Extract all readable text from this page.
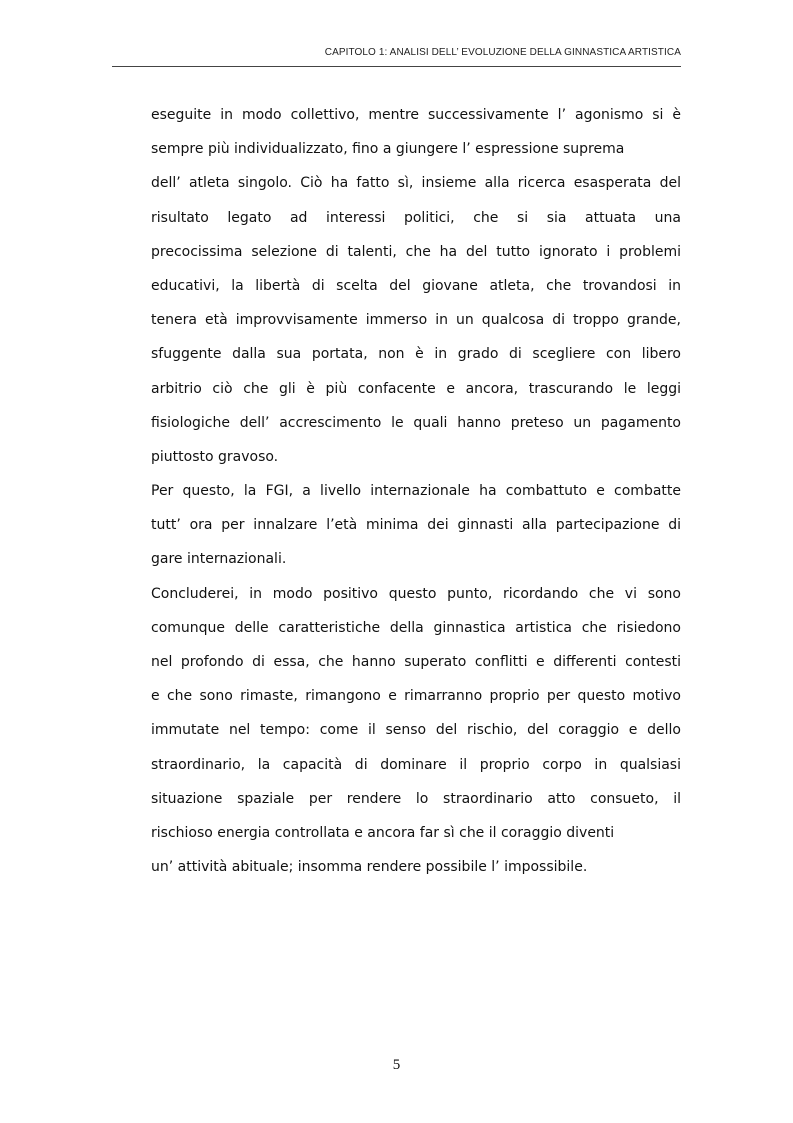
CAPITOLO 1: ANALISI DELL’ EVOLUZIONE DELLA GINNASTICA ARTISTICA
eseguite in modo collettivo, mentre successivamente l’ agonismo si è
sempre più individualizzato, fino a giungere l’ espressione suprema
dell’ atleta singolo. Ciò ha fatto sì, insieme alla ricerca esasperata del
risultato legato ad interessi politici, che si sia attuata una
precocissima selezione di talenti, che ha del tutto ignorato i problemi
educativi, la libertà di scelta del giovane atleta, che trovandosi in
tenera età improvvisamente immerso in un qualcosa di troppo grande,
sfuggente dalla sua portata, non è in grado di scegliere con libero
arbitrio ciò che gli è più confacente e ancora, trascurando le leggi
fisiologiche dell’ accrescimento le quali hanno preteso un pagamento
piuttosto gravoso.
Per questo, la FGI, a livello internazionale ha combattuto e combatte
tutt’ ora per innalzare l’età minima dei ginnasti alla partecipazione di
gare internazionali.
Concluderei, in modo positivo questo punto, ricordando che vi sono
comunque delle caratteristiche della ginnastica artistica che risiedono
nel profondo di essa, che hanno superato conflitti e differenti contesti
e che sono rimaste, rimangono e rimarranno proprio per questo motivo
immutate nel tempo: come il senso del rischio, del coraggio e dello
straordinario, la capacità di dominare il proprio corpo in qualsiasi
situazione spaziale per rendere lo straordinario atto consueto, il
rischioso energia controllata e ancora far sì che il coraggio diventi
un’ attività abituale; insomma rendere possibile l’ impossibile.
5
